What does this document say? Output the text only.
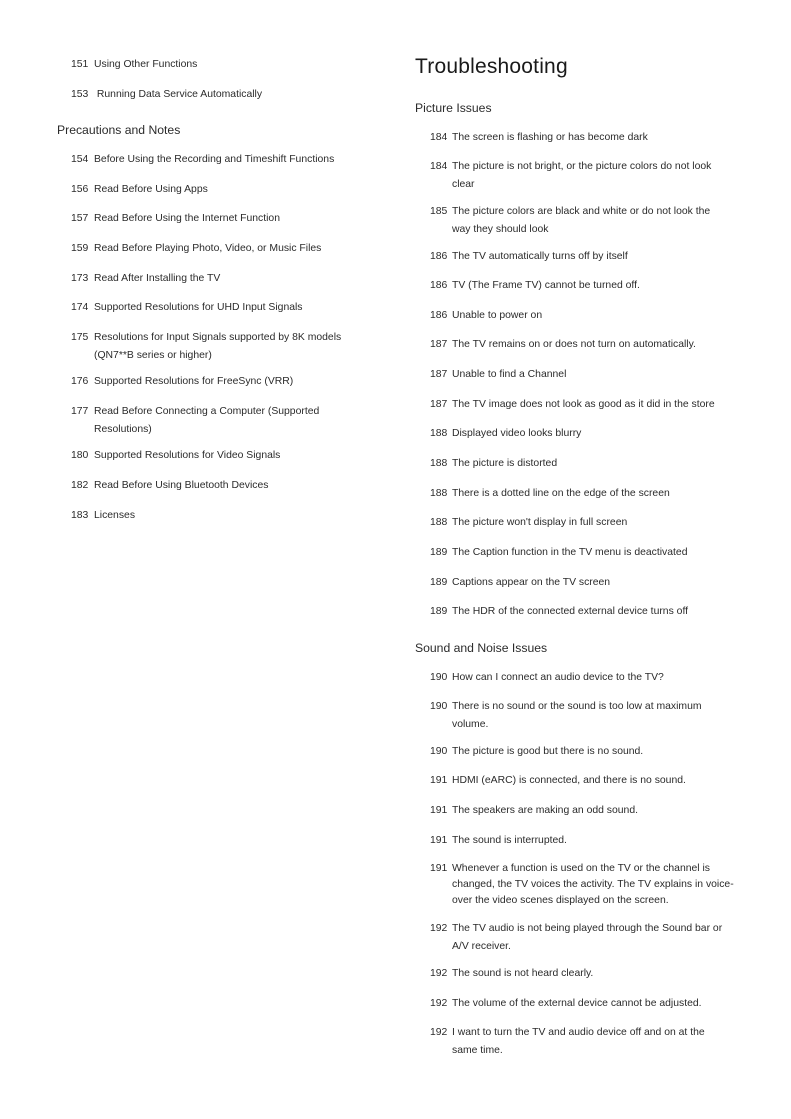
151 Using Other Functions
153 Running Data Service Automatically
Precautions and Notes
154 Before Using the Recording and Timeshift Functions
156 Read Before Using Apps
157 Read Before Using the Internet Function
159 Read Before Playing Photo, Video, or Music Files
173 Read After Installing the TV
174 Supported Resolutions for UHD Input Signals
175 Resolutions for Input Signals supported by 8K models (QN7**B series or higher)
176 Supported Resolutions for FreeSync (VRR)
177 Read Before Connecting a Computer (Supported Resolutions)
180 Supported Resolutions for Video Signals
182 Read Before Using Bluetooth Devices
183 Licenses
Troubleshooting
Picture Issues
184 The screen is flashing or has become dark
184 The picture is not bright, or the picture colors do not look clear
185 The picture colors are black and white or do not look the way they should look
186 The TV automatically turns off by itself
186 TV (The Frame TV) cannot be turned off.
186 Unable to power on
187 The TV remains on or does not turn on automatically.
187 Unable to find a Channel
187 The TV image does not look as good as it did in the store
188 Displayed video looks blurry
188 The picture is distorted
188 There is a dotted line on the edge of the screen
188 The picture won't display in full screen
189 The Caption function in the TV menu is deactivated
189 Captions appear on the TV screen
189 The HDR of the connected external device turns off
Sound and Noise Issues
190 How can I connect an audio device to the TV?
190 There is no sound or the sound is too low at maximum volume.
190 The picture is good but there is no sound.
191 HDMI (eARC) is connected, and there is no sound.
191 The speakers are making an odd sound.
191 The sound is interrupted.
191 Whenever a function is used on the TV or the channel is changed, the TV voices the activity. The TV explains in voice-over the video scenes displayed on the screen.
192 The TV audio is not being played through the Sound bar or A/V receiver.
192 The sound is not heard clearly.
192 The volume of the external device cannot be adjusted.
192 I want to turn the TV and audio device off and on at the same time.
